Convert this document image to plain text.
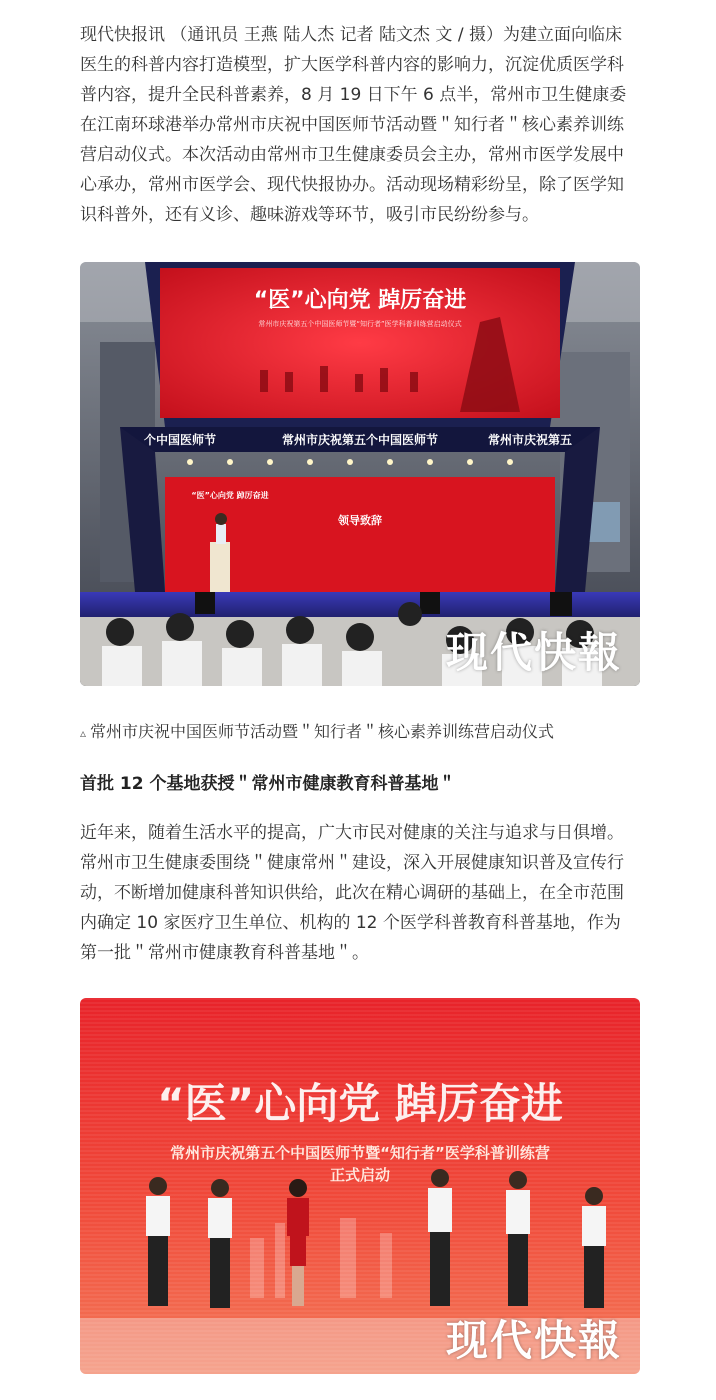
现代快报讯 （通讯员 王燕 陆人杰 记者 陆文杰 文 / 摄）为建立面向临床
医生的科普内容打造模型，扩大医学科普内容的影响力，沉淀优质医学科
普内容，提升全民科普素养，8 月 19 日下午 6 点半，常州市卫生健康委
在江南环球港举办常州市庆祝中国医师节活动暨＂知行者＂核心素养训练
营启动仪式。本次活动由常州市卫生健康委员会主办，常州市医学发展中
心承办，常州市医学会、现代快报协办。活动现场精彩纷呈，除了医学知
识科普外，还有义诊、趣味游戏等环节，吸引市民纷纷参与。

“医”心向党 踔厉奋进
常州市庆祝第五个中国医师节暨“知行者”医学科普训练营启动仪式
个中国医师节	常州市庆祝第五个中国医师节	常州市庆祝第五
“医”心向党 踔厉奋进
领导致辞
现代快報
▵ 常州市庆祝中国医师节活动暨＂知行者＂核心素养训练营启动仪式
首批 12 个基地获授＂常州市健康教育科普基地＂

近年来，随着生活水平的提高，广大市民对健康的关注与追求与日俱增。
常州市卫生健康委围绕＂健康常州＂建设，深入开展健康知识普及宣传行
动，不断增加健康科普知识供给，此次在精心调研的基础上，在全市范围
内确定 10 家医疗卫生单位、机构的 12 个医学科普教育科普基地，作为
第一批＂常州市健康教育科普基地＂。

“医”心向党 踔厉奋进
常州市庆祝第五个中国医师节暨“知行者”医学科普训练营
正式启动
现代快報
